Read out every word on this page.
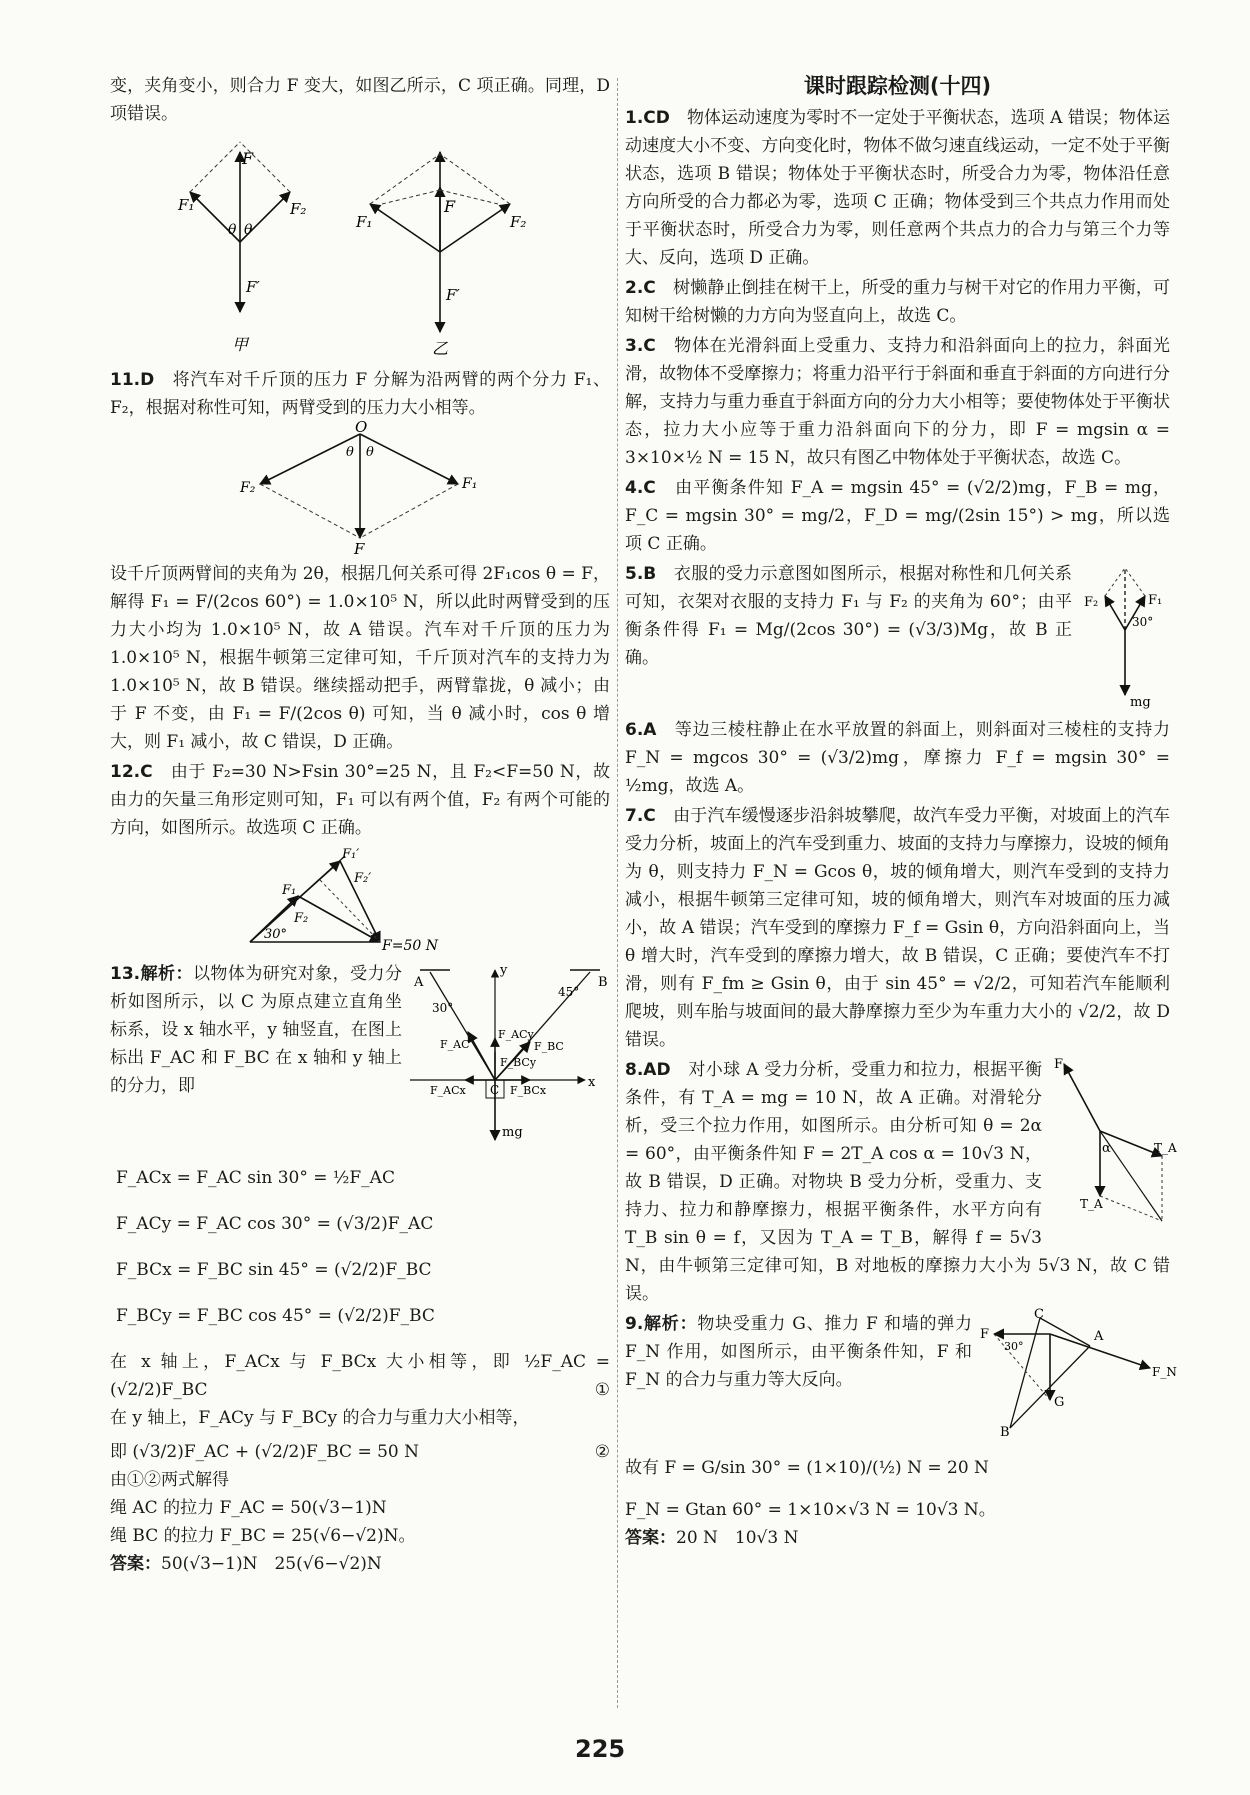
变，夹角变小，则合力 F 变大，如图乙所示，C 项正确。同理，D 项错误。

F
F₁	F₂
θ θ
F′
甲
F
F₁	F₂
F′
乙

11.D　 将汽车对千斤顶的压力 F 分解为沿两臂的两个分力 F₁、F₂，根据对称性可知，两臂受到的压力大小相等。

O
θ θ
F₂	F₁
F

设千斤顶两臂间的夹角为 2θ，根据几何关系可得 2F₁cos θ = F，解得 F₁ = F/(2cos 60°) = 1.0×10⁵ N，所以此时两臂受到的压力大小均为 1.0×10⁵ N，故 A 错误。汽车对千斤顶的压力为 1.0×10⁵ N，根据牛顿第三定律可知，千斤顶对汽车的支持力为 1.0×10⁵ N，故 B 错误。继续摇动把手，两臂靠拢，θ 减小；由于 F 不变，由 F₁ = F/(2cos θ) 可知，当 θ 减小时，cos θ 增大，则 F₁ 减小，故 C 错误，D 正确。

12.C　 由于 F₂=30 N>Fsin 30°=25 N，且 F₂<F=50 N，故由力的矢量三角形定则可知，F₁ 可以有两个值，F₂ 有两个可能的方向，如图所示。故选项 C 正确。

F₁′
F₂′
F₁
F₂
30°
F=50 N
A	B
C
y
x
30°
45°
F_AC	F_BC
F_ACy
F_BCy
F_ACx	F_BCx
mg

13.解析：以物体为研究对象，受力分析如图所示，以 C 为原点建立直角坐标系，设 x 轴水平，y 轴竖直，在图上标出 F_AC 和 F_BC 在 x 轴和 y 轴上的分力，即

F_ACx = F_AC sin 30° = ½F_AC

F_ACy = F_AC cos 30° = (√3/2)F_AC

F_BCx = F_BC sin 45° = (√2/2)F_BC

F_BCy = F_BC cos 45° = (√2/2)F_BC

在 x 轴上，F_ACx 与 F_BCx 大小相等，即 ½F_AC = (√2/2)F_BC	①

在 y 轴上，F_ACy 与 F_BCy 的合力与重力大小相等，

即 (√3/2)F_AC + (√2/2)F_BC = 50 N	②

由①②两式解得

绳 AC 的拉力 F_AC = 50(√3−1)N

绳 BC 的拉力 F_BC = 25(√6−√2)N。

答案：50(√3−1)N　25(√6−√2)N

课时跟踪检测(十四)

1.CD　 物体运动速度为零时不一定处于平衡状态，选项 A 错误；物体运动速度大小不变、方向变化时，物体不做匀速直线运动，一定不处于平衡状态，选项 B 错误；物体处于平衡状态时，所受合力为零，物体沿任意方向所受的合力都必为零，选项 C 正确；物体受到三个共点力作用而处于平衡状态时，所受合力为零，则任意两个共点力的合力与第三个力等大、反向，选项 D 正确。

2.C　 树懒静止倒挂在树干上，所受的重力与树干对它的作用力平衡，可知树干给树懒的力方向为竖直向上，故选 C。

3.C　 物体在光滑斜面上受重力、支持力和沿斜面向上的拉力，斜面光滑，故物体不受摩擦力；将重力沿平行于斜面和垂直于斜面的方向进行分解，支持力与重力垂直于斜面方向的分力大小相等；要使物体处于平衡状态，拉力大小应等于重力沿斜面向下的分力，即 F = mgsin α = 3×10×½ N = 15 N，故只有图乙中物体处于平衡状态，故选 C。

4.C　 由平衡条件知 F_A = mgsin 45° = (√2/2)mg，F_B = mg，F_C = mgsin 30° = mg/2，F_D = mg/(2sin 15°) > mg，所以选项 C 正确。

F₁
F₂
30°
mg

5.B　 衣服的受力示意图如图所示，根据对称性和几何关系可知，衣架对衣服的支持力 F₁ 与 F₂ 的夹角为 60°；由平衡条件得 F₁ = Mg/(2cos 30°) = (√3/3)Mg，故 B 正确。

6.A　 等边三棱柱静止在水平放置的斜面上，则斜面对三棱柱的支持力 F_N = mgcos 30° = (√3/2)mg，摩擦力 F_f = mgsin 30° = ½mg，故选 A。

7.C　 由于汽车缓慢逐步沿斜坡攀爬，故汽车受力平衡，对坡面上的汽车受力分析，坡面上的汽车受到重力、坡面的支持力与摩擦力，设坡的倾角为 θ，则支持力 F_N = Gcos θ，坡的倾角增大，则汽车受到的支持力减小，根据牛顿第三定律可知，坡的倾角增大，则汽车对坡面的压力减小，故 A 错误；汽车受到的摩擦力 F_f = Gsin θ，方向沿斜面向上，当 θ 增大时，汽车受到的摩擦力增大，故 B 错误，C 正确；要使汽车不打滑，则有 F_fm ≥ Gsin θ，由于 sin 45° = √2/2，可知若汽车能顺利爬坡，则车胎与坡面间的最大静摩擦力至少为车重力大小的 √2/2，故 D 错误。

F
T_A
T_A
α

8.AD　 对小球 A 受力分析，受重力和拉力，根据平衡条件，有 T_A = mg = 10 N，故 A 正确。对滑轮分析，受三个拉力作用，如图所示。由分析可知 θ = 2α = 60°，由平衡条件知 F = 2T_A cos α = 10√3 N，故 B 错误，D 正确。对物块 B 受力分析，受重力、支持力、拉力和静摩擦力，根据平衡条件，水平方向有 T_B sin θ = f，又因为 T_A = T_B，解得 f = 5√3 N，由牛顿第三定律可知，B 对地板的摩擦力大小为 5√3 N，故 C 错误。

C
A
B
F
F_N
G
30°

9.解析：物块受重力 G、推力 F 和墙的弹力 F_N 作用，如图所示，由平衡条件知，F 和 F_N 的合力与重力等大反向。

故有 F = G/sin 30° = (1×10)/(½) N = 20 N

F_N = Gtan 60° = 1×10×√3 N = 10√3 N。

答案：20 N　10√3 N

225
